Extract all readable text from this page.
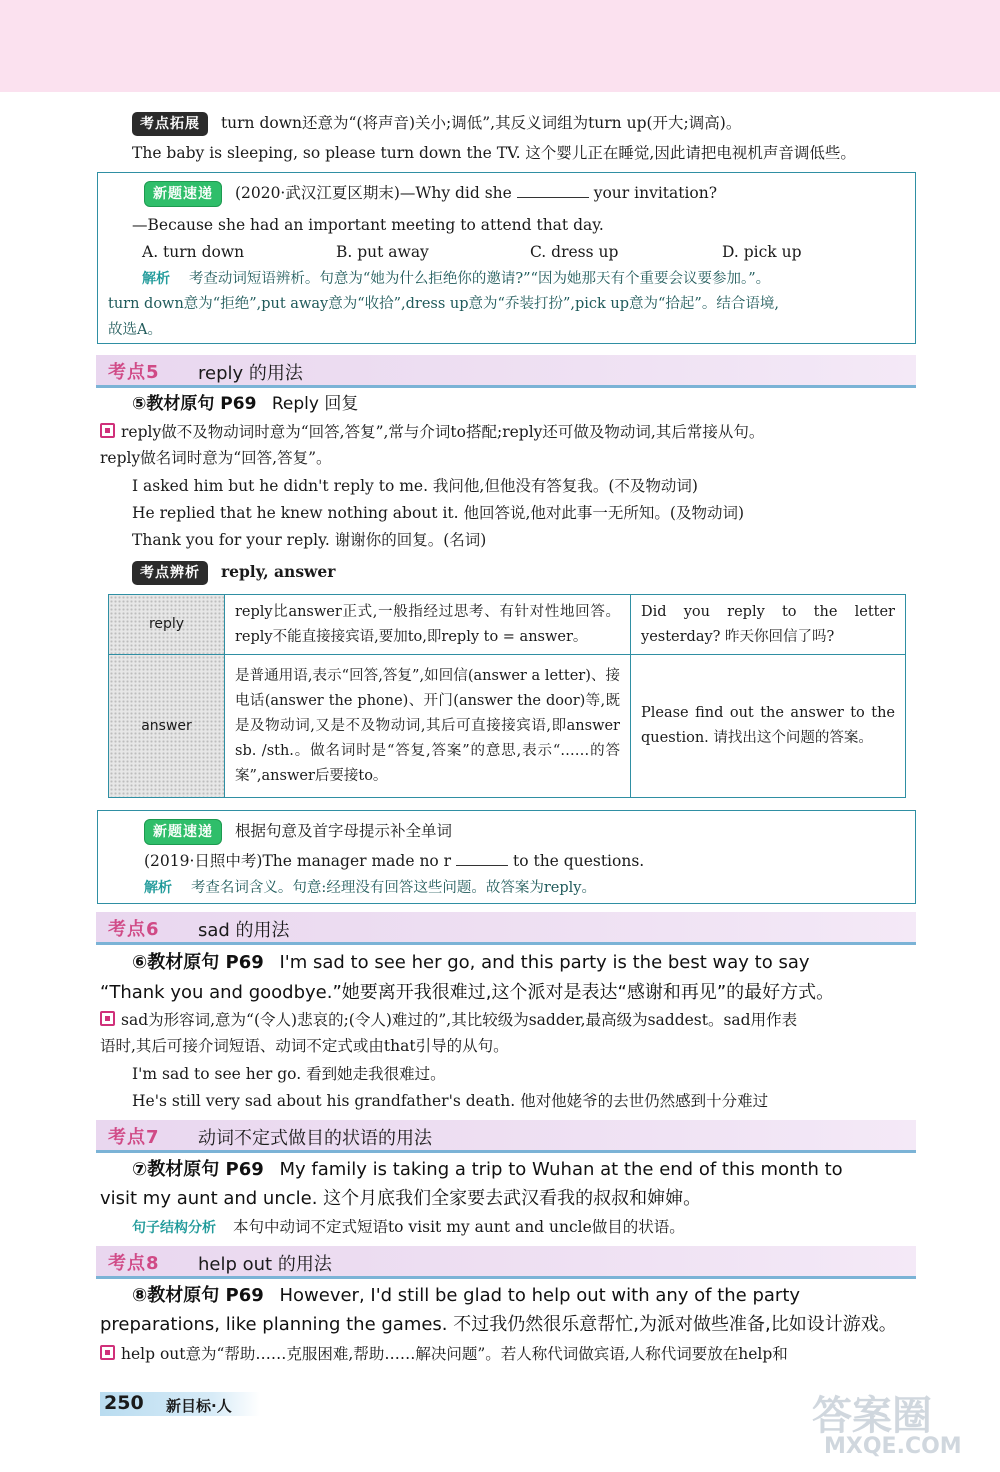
考点拓展 turn down还意为“(将声音)关小;调低”,其反义词组为turn up(开大;调高)。
The baby is sleeping, so please turn down the TV. 这个婴儿正在睡觉,因此请把电视机声音调低些。
新题速递 (2020·武汉江夏区期末)—Why did she	your invitation?
—Because she had an important meeting to attend that day.
A. turn down	B. put away	C. dress up	D. pick up
解析 考查动词短语辨析。句意为“她为什么拒绝你的邀请?”“因为她那天有个重要会议要参加。”。
turn down意为“拒绝”,put away意为“收拾”,dress up意为“乔装打扮”,pick up意为“拾起”。结合语境,
故选A。
考点5 reply 的用法
⑤教材原句 P69 Reply 回复
reply做不及物动词时意为“回答,答复”,常与介词to搭配;reply还可做及物动词,其后常接从句。
reply做名词时意为“回答,答复”。
I asked him but he didn't reply to me. 我问他,但他没有答复我。(不及物动词)
He replied that he knew nothing about it. 他回答说,他对此事一无所知。(及物动词)
Thank you for your reply. 谢谢你的回复。(名词)
考点辨析 reply, answer
reply	reply比answer正式,一般指经过思考、有针对性地回答。reply不能直接接宾语,要加to,即reply to = answer。	Did you reply to the letter yesterday? 昨天你回信了吗?
answer	是普通用语,表示“回答,答复”,如回信(answer a letter)、接电话(answer the phone)、开门(answer the door)等,既是及物动词,又是不及物动词,其后可直接接宾语,即answer sb. /sth.。做名词时是“答复,答案”的意思,表示“……的答案”,answer后要接to。	Please find out the answer to the question. 请找出这个问题的答案。
新题速递 根据句意及首字母提示补全单词
(2019·日照中考)The manager made no r	to the questions.
解析 考查名词含义。句意:经理没有回答这些问题。故答案为reply。
考点6 sad 的用法
⑥教材原句 P69 I'm sad to see her go, and this party is the best way to say
“Thank you and goodbye.”她要离开我很难过,这个派对是表达“感谢和再见”的最好方式。
sad为形容词,意为“(令人)悲哀的;(令人)难过的”,其比较级为sadder,最高级为saddest。sad用作表
语时,其后可接介词短语、动词不定式或由that引导的从句。
I'm sad to see her go. 看到她走我很难过。
He's still very sad about his grandfather's death. 他对他姥爷的去世仍然感到十分难过
考点7 动词不定式做目的状语的用法
⑦教材原句 P69 My family is taking a trip to Wuhan at the end of this month to
visit my aunt and uncle. 这个月底我们全家要去武汉看我的叔叔和婶婶。
句子结构分析 本句中动词不定式短语to visit my aunt and uncle做目的状语。
考点8 help out 的用法
⑧教材原句 P69 However, I'd still be glad to help out with any of the party
preparations, like planning the games. 不过我仍然很乐意帮忙,为派对做些准备,比如设计游戏。
help out意为“帮助……克服困难,帮助……解决问题”。若人称代词做宾语,人称代词要放在help和
250 新目标·人	答案圈
MXQE.COM
